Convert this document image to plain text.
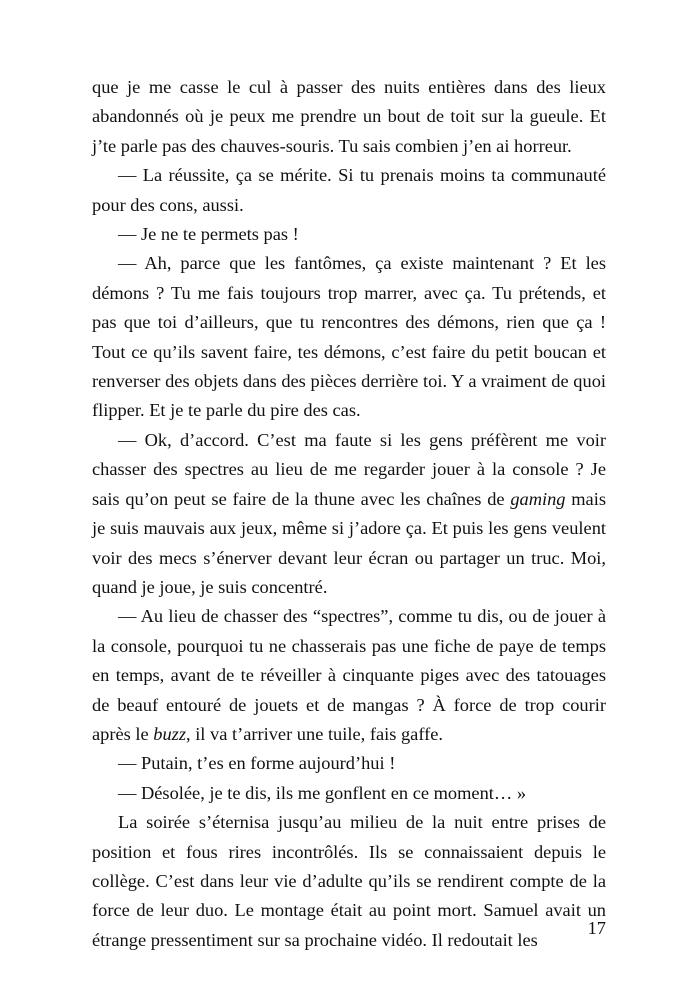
que je me casse le cul à passer des nuits entières dans des lieux abandonnés où je peux me prendre un bout de toit sur la gueule. Et j’te parle pas des chauves-souris. Tu sais combien j’en ai horreur.

— La réussite, ça se mérite. Si tu prenais moins ta communauté pour des cons, aussi.

— Je ne te permets pas !

— Ah, parce que les fantômes, ça existe maintenant ? Et les démons ? Tu me fais toujours trop marrer, avec ça. Tu prétends, et pas que toi d’ailleurs, que tu rencontres des démons, rien que ça ! Tout ce qu’ils savent faire, tes démons, c’est faire du petit boucan et renverser des objets dans des pièces derrière toi. Y a vraiment de quoi flipper. Et je te parle du pire des cas.

— Ok, d’accord. C’est ma faute si les gens préfèrent me voir chasser des spectres au lieu de me regarder jouer à la console ? Je sais qu’on peut se faire de la thune avec les chaînes de gaming mais je suis mauvais aux jeux, même si j’adore ça. Et puis les gens veulent voir des mecs s’énerver devant leur écran ou partager un truc. Moi, quand je joue, je suis concentré.

— Au lieu de chasser des “spectres”, comme tu dis, ou de jouer à la console, pourquoi tu ne chasserais pas une fiche de paye de temps en temps, avant de te réveiller à cinquante piges avec des tatouages de beauf entouré de jouets et de mangas ? À force de trop courir après le buzz, il va t’arriver une tuile, fais gaffe.

— Putain, t’es en forme aujourd’hui !

— Désolée, je te dis, ils me gonflent en ce moment… »

La soirée s’éternisa jusqu’au milieu de la nuit entre prises de position et fous rires incontrôlés. Ils se connaissaient depuis le collège. C’est dans leur vie d’adulte qu’ils se rendirent compte de la force de leur duo. Le montage était au point mort. Samuel avait un étrange pressentiment sur sa prochaine vidéo. Il redoutait les

17
